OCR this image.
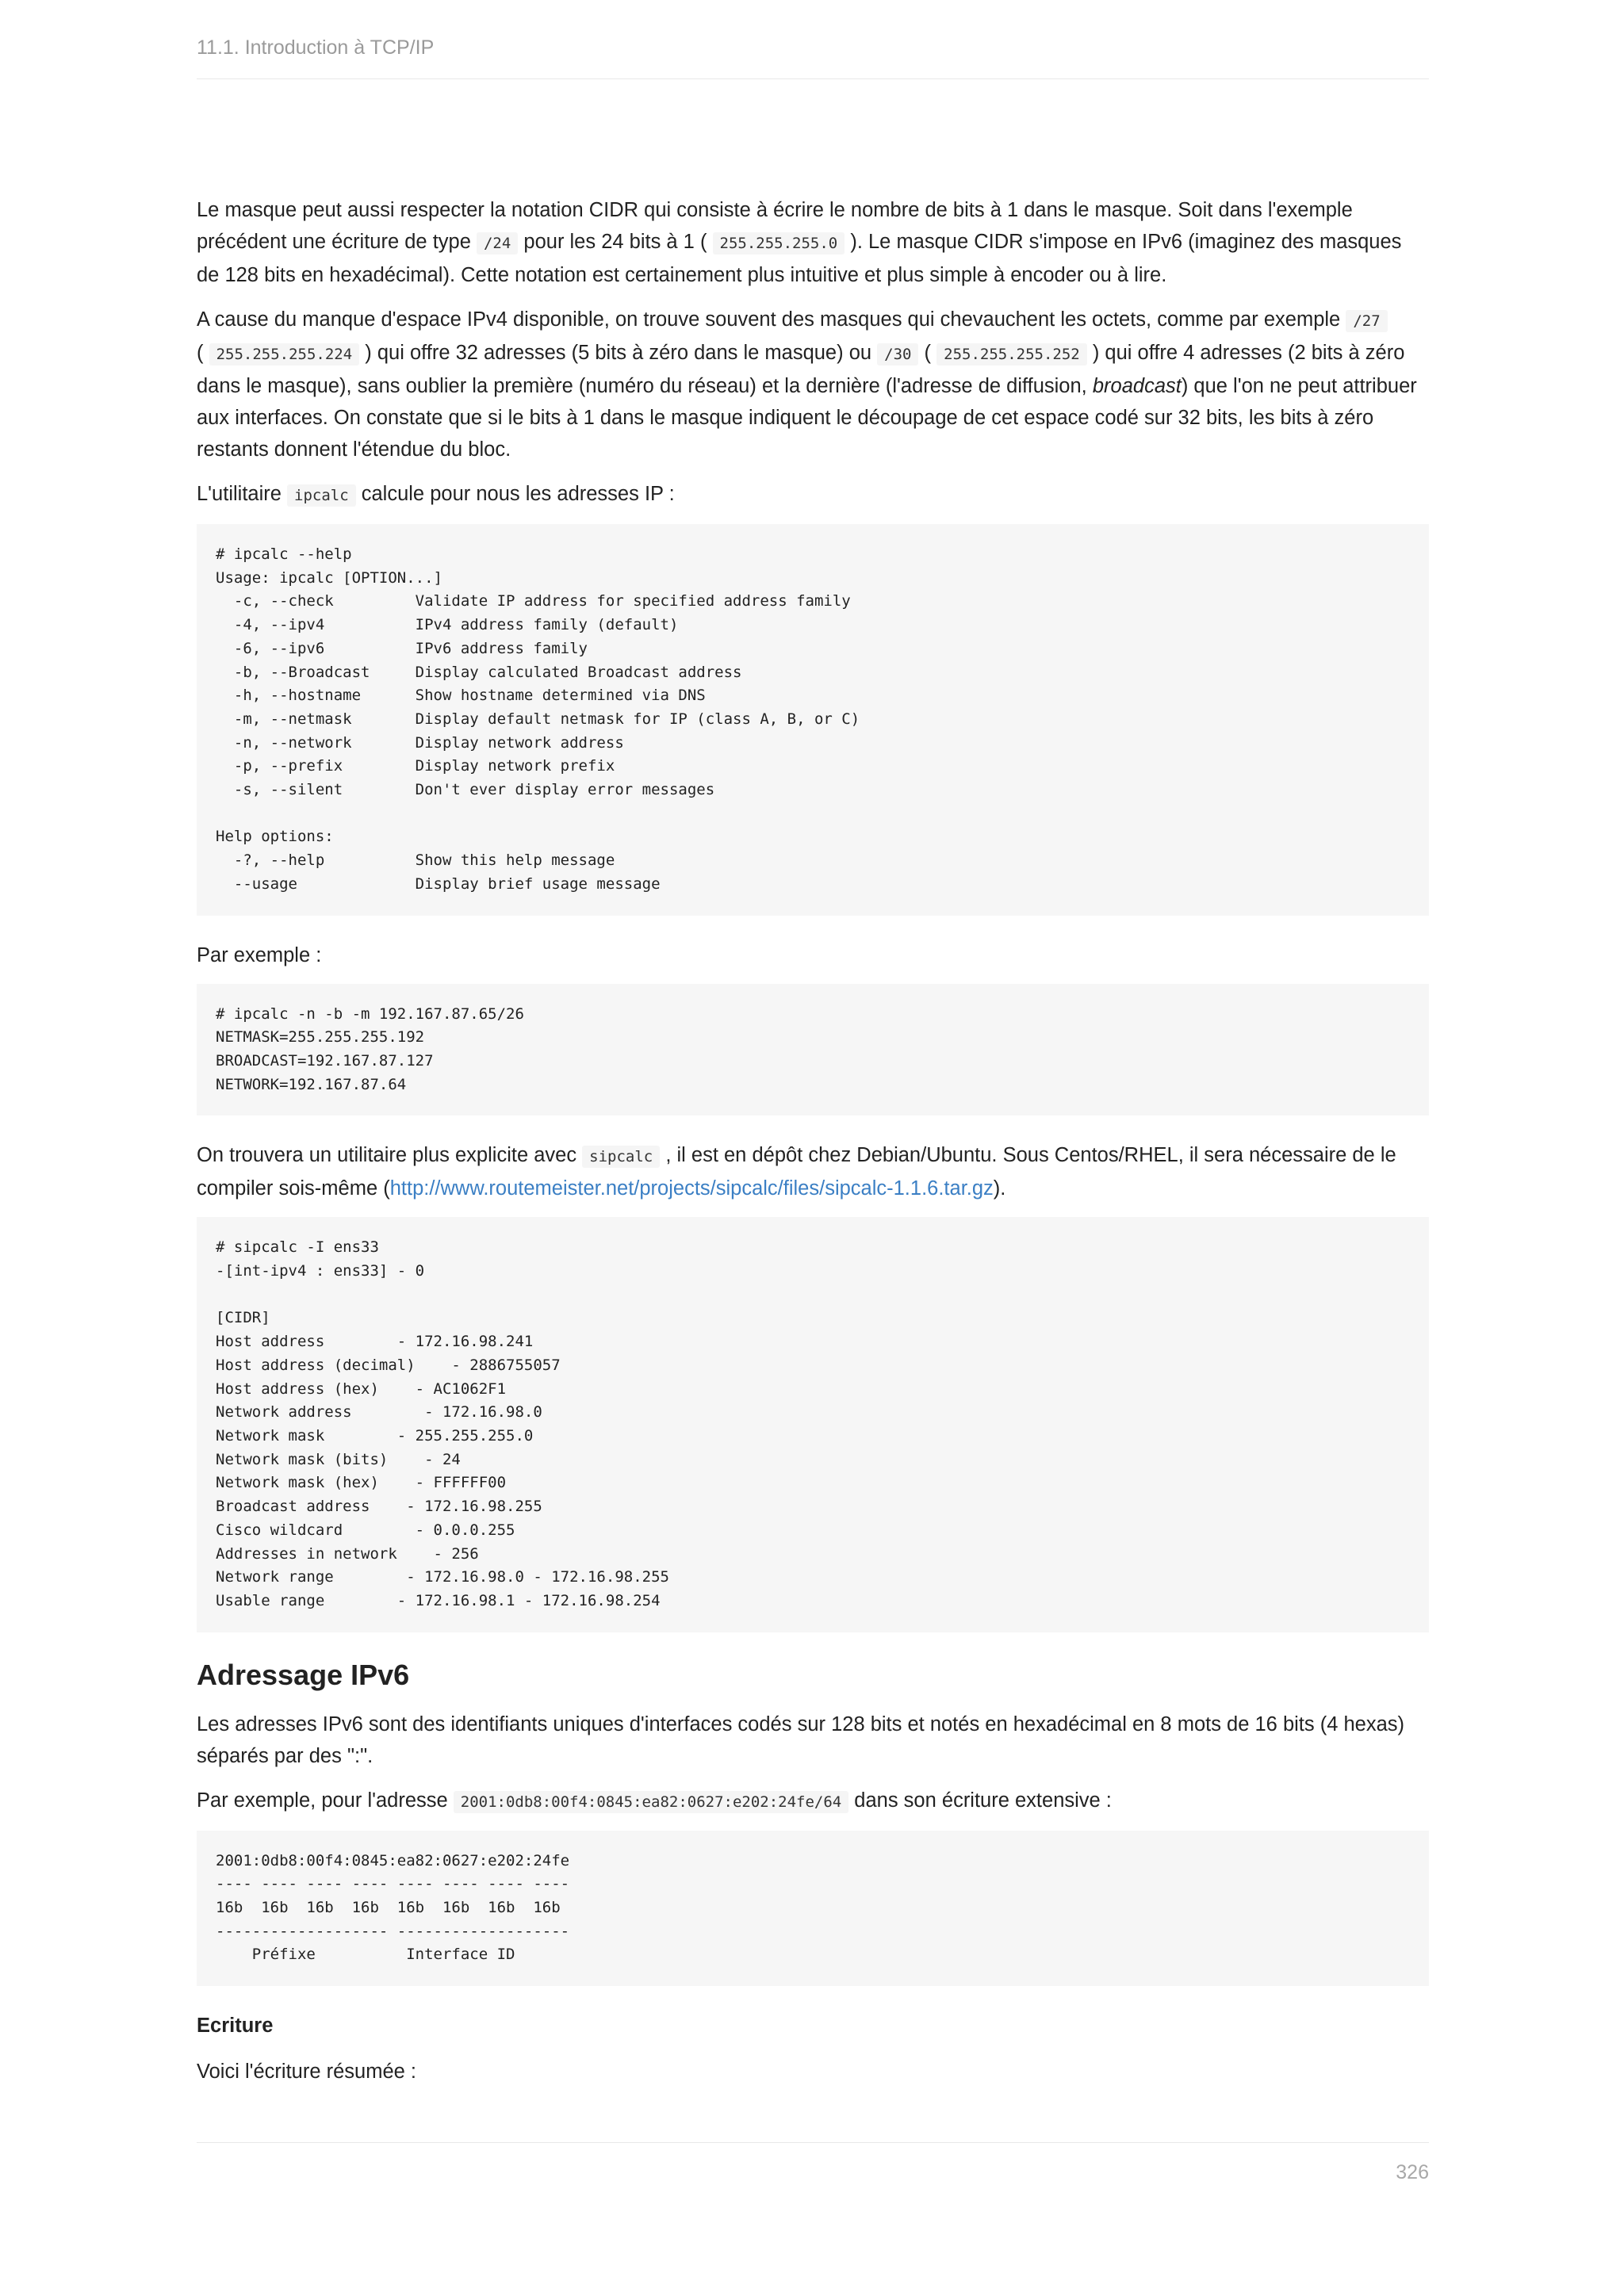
11.1. Introduction à TCP/IP

Le masque peut aussi respecter la notation CIDR qui consiste à écrire le nombre de bits à 1 dans le masque. Soit dans l'exemple précédent une écriture de type /24 pour les 24 bits à 1 ( 255.255.255.0 ). Le masque CIDR s'impose en IPv6 (imaginez des masques de 128 bits en hexadécimal). Cette notation est certainement plus intuitive et plus simple à encoder ou à lire.

A cause du manque d'espace IPv4 disponible, on trouve souvent des masques qui chevauchent les octets, comme par exemple /27
( 255.255.255.224 ) qui offre 32 adresses (5 bits à zéro dans le masque) ou /30 ( 255.255.255.252 ) qui offre 4 adresses (2 bits à zéro dans le masque), sans oublier la première (numéro du réseau) et la dernière (l'adresse de diffusion, broadcast) que l'on ne peut attribuer aux interfaces. On constate que si le bits à 1 dans le masque indiquent le découpage de cet espace codé sur 32 bits, les bits à zéro restants donnent l'étendue du bloc.

L'utilitaire ipcalc calcule pour nous les adresses IP :

# ipcalc --help
Usage: ipcalc [OPTION...]
-c, --check         Validate IP address for specified address family
-4, --ipv4          IPv4 address family (default)
-6, --ipv6          IPv6 address family
-b, --Broadcast     Display calculated Broadcast address
-h, --hostname      Show hostname determined via DNS
-m, --netmask       Display default netmask for IP (class A, B, or C)
-n, --network       Display network address
-p, --prefix        Display network prefix
-s, --silent        Don't ever display error messages

Help options:
-?, --help          Show this help message
--usage             Display brief usage message

Par exemple :

# ipcalc -n -b -m 192.167.87.65/26
NETMASK=255.255.255.192
BROADCAST=192.167.87.127
NETWORK=192.167.87.64

On trouvera un utilitaire plus explicite avec sipcalc , il est en dépôt chez Debian/Ubuntu. Sous Centos/RHEL, il sera nécessaire de le compiler sois-même (http://www.routemeister.net/projects/sipcalc/files/sipcalc-1.1.6.tar.gz).

# sipcalc -I ens33
-[int-ipv4 : ens33] - 0

[CIDR]
Host address        - 172.16.98.241
Host address (decimal)    - 2886755057
Host address (hex)    - AC1062F1
Network address        - 172.16.98.0
Network mask        - 255.255.255.0
Network mask (bits)    - 24
Network mask (hex)    - FFFFFF00
Broadcast address    - 172.16.98.255
Cisco wildcard        - 0.0.0.255
Addresses in network    - 256
Network range        - 172.16.98.0 - 172.16.98.255
Usable range        - 172.16.98.1 - 172.16.98.254
Adressage IPv6

Les adresses IPv6 sont des identifiants uniques d'interfaces codés sur 128 bits et notés en hexadécimal en 8 mots de 16 bits (4 hexas) séparés par des ":".

Par exemple, pour l'adresse 2001:0db8:00f4:0845:ea82:0627:e202:24fe/64 dans son écriture extensive :

2001:0db8:00f4:0845:ea82:0627:e202:24fe
---- ---- ---- ---- ---- ---- ---- ----
16b  16b  16b  16b  16b  16b  16b  16b
------------------- -------------------
Préfixe          Interface ID
Ecriture

Voici l'écriture résumée :

326
